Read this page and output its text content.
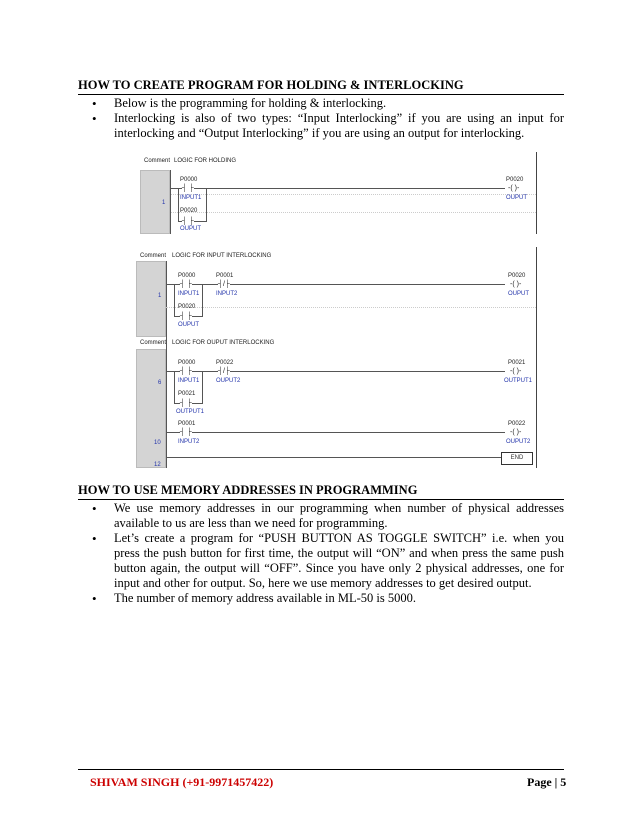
HOW TO CREATE PROGRAM FOR HOLDING & INTERLOCKING
• Below is the programming for holding & interlocking.
• Interlocking is also of two types: “Input Interlocking” if you are using an input for interlocking and “Output Interlocking” if you are using an output for interlocking.
Comment LOGIC FOR HOLDING
1
P0000
┤ ├
INPUT1
P0020
┤ ├
OUPUT
P0020
-( )-
OUPUT
Comment LOGIC FOR INPUT INTERLOCKING
1
P0000
┤ ├
INPUT1
P0001
┤/├
INPUT2
P0020
┤ ├
OUPUT
P0020
-( )-
OUPUT
Comment LOGIC FOR OUPUT INTERLOCKING
6
P0000
┤ ├
INPUT1
P0022
┤/├
OUPUT2
P0021
┤ ├
OUTPUT1
P0021
-( )-
OUTPUT1
10
P0001
┤ ├
INPUT2
P0022
-( )-
OUPUT2
END
12
HOW TO USE MEMORY ADDRESSES IN PROGRAMMING
• We use memory addresses in our programming when number of physical addresses available to us are less than we need for programming.
• Let’s create a program for “PUSH BUTTON AS TOGGLE SWITCH” i.e. when you press the push button for first time, the output will “ON” and when press the same push button again, the output will “OFF”. Since you have only 2 physical addresses, one for input and other for output. So, here we use memory addresses to get desired output.
• The number of memory address available in ML-50 is 5000.
SHIVAM SINGH (+91-9971457422)	Page | 5
